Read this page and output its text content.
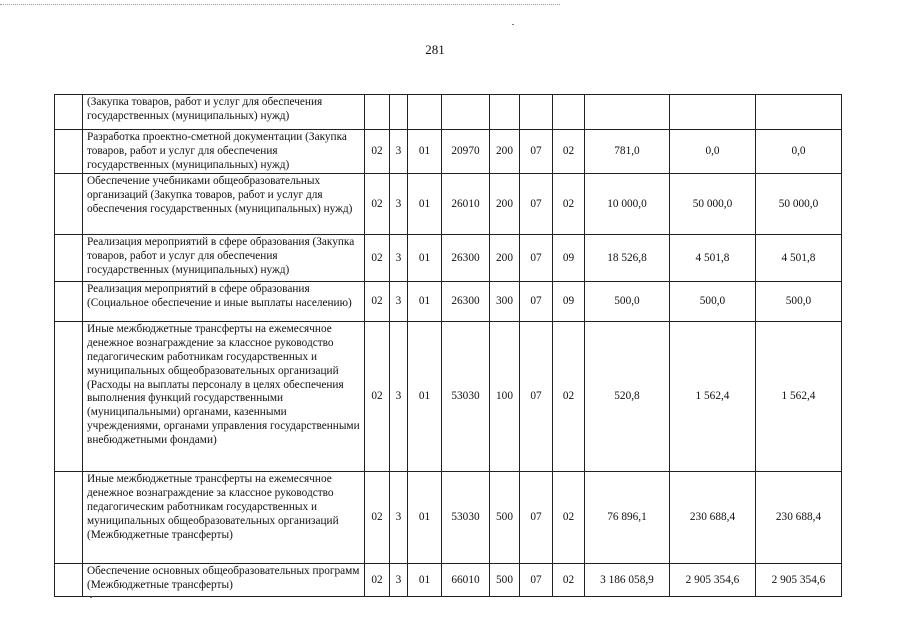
281
	(Закупка товаров, работ и услуг для обеспечения государственных (муниципальных) нужд)										
	Разработка проектно-сметной документации (Закупка товаров, работ и услуг для обеспечения государственных (муниципальных) нужд)	02	3	01	20970	200	07	02	781,0	0,0	0,0
	Обеспечение учебниками общеобразовательных организаций (Закупка товаров, работ и услуг для обеспечения государственных (муниципальных) нужд)	02	3	01	26010	200	07	02	10 000,0	50 000,0	50 000,0
	Реализация мероприятий в сфере образования (Закупка товаров, работ и услуг для обеспечения государственных (муниципальных) нужд)	02	3	01	26300	200	07	09	18 526,8	4 501,8	4 501,8
	Реализация мероприятий в сфере образования (Социальное обеспечение и иные выплаты населению)	02	3	01	26300	300	07	09	500,0	500,0	500,0
	Иные межбюджетные трансферты на ежемесячное денежное вознаграждение за классное руководство педагогическим работникам государственных и муниципальных общеобразовательных организаций (Расходы на выплаты персоналу в целях обеспечения выполнения функций государственными (муниципальными) органами, казенными учреждениями, органами управления государственными внебюджетными фондами)	02	3	01	53030	100	07	02	520,8	1 562,4	1 562,4
	Иные межбюджетные трансферты на ежемесячное денежное вознаграждение за классное руководство педагогическим работникам государственных и муниципальных общеобразовательных организаций (Межбюджетные трансферты)	02	3	01	53030	500	07	02	76 896,1	230 688,4	230 688,4
	Обеспечение основных общеобразовательных программ (Межбюджетные трансферты)	02	3	01	66010	500	07	02	3 186 058,9	2 905 354,6	2 905 354,6
